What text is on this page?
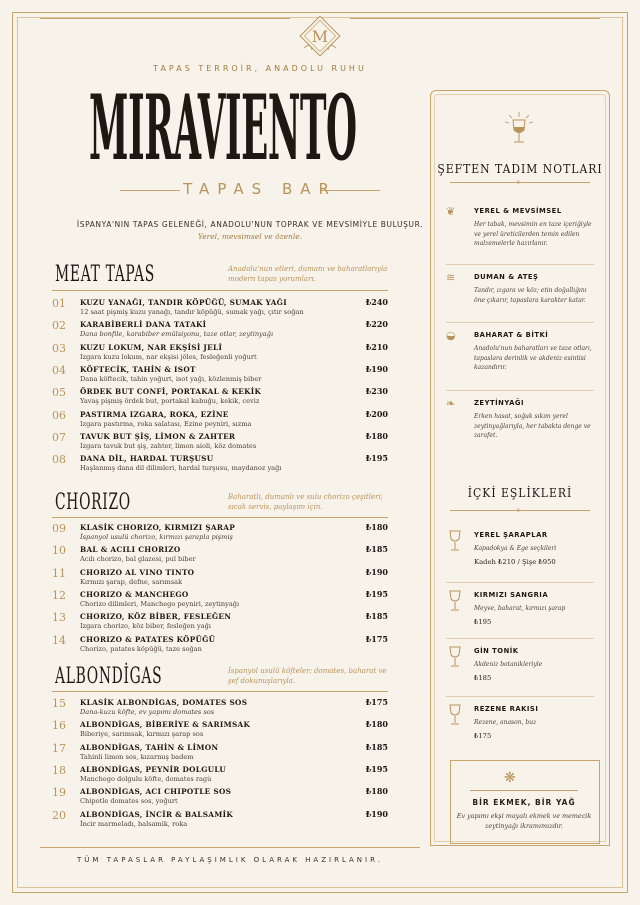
M
TAPAS TERROİR, ANADOLU RUHU
MIRAVIENTO
TAPAS BAR
İSPANYA'NIN TAPAS GELENEĞİ, ANADOLU'NUN TOPRAK VE MEVSİMİYLE BULUŞUR.
Yerel, mevsimsel ve özenle.
MEAT TAPAS	Anadolu'nun etleri, dumanı ve baharatlarıyla modern tapas yorumları.
01 KUZU YANAĞI, TANDIR KÖPÜĞÜ, SUMAK YAĞI
12 saat pişmiş kuzu yanağı, tandır köpüğü, sumak yağı, çıtır soğan
₺240
02 KARABİBERLİ DANA TATAKİ
Dana bonfile, karabiber emülsiyonu, taze otlar, zeytinyağı
₺220
03 KUZU LOKUM, NAR EKŞİSİ JELİ
Izgara kuzu lokum, nar ekşisi jöles, fesleğenli yoğurt
₺210
04 KÖFTECİK, TAHİN & ISOT
Dana köftecik, tahin yoğurt, isot yağı, közlenmiş biber
₺190
05 ÖRDEK BUT CONFİ, PORTAKAL & KEKİK
Yavaş pişmiş ördek but, portakal kabuğu, kekik, ceviz
₺230
06 PASTIRMA IZGARA, ROKA, EZİNE
Izgara pastırma, roka salatası, Ezine peyniri, sızma
₺200
07 TAVUK BUT ŞİŞ, LİMON & ZAHTER
Izgara tavuk but şiş, zahter, limon aioli, köz domates
₺180
08 DANA DİL, HARDAL TURŞUSU
Haşlanmış dana dil dilimleri, hardal turşusu, maydanoz yağı
₺195
CHORIZO	Baharatlı, dumanlı ve sulu chorizo çeşitleri; sıcak servis, paylaşım için.
09 KLASİK CHORIZO, KIRMIZI ŞARAP
İspanyol usulü chorizo, kırmızı şarapla pişmiş
₺180
10 BAL & ACILI CHORIZO
Acılı chorizo, bal glazesi, pul biber
₺185
11 CHORIZO AL VINO TINTO
Kırmızı şarap, defne, sarımsak
₺190
12 CHORIZO & MANCHEGO
Chorizo dilimleri, Manchego peyniri, zeytinyağı
₺195
13 CHORIZO, KÖZ BİBER, FESLEĞEN
Izgara chorizo, köz biber, fesleğen yağı
₺185
14 CHORIZO & PATATES KÖPÜĞÜ
Chorizo, patates köpüğü, taze soğan
₺175
ALBONDİGAS	İspanyol usulü köfteler; domates, baharat ve şef dokunuşlarıyla.
15 KLASİK ALBONDİGAS, DOMATES SOS
Dana-kuzu köfte, ev yapımı domates sos
₺175
16 ALBONDİGAS, BİBERİYE & SARIMSAK
Biberiye, sarımsak, kırmızı şarap sos
₺180
17 ALBONDİGAS, TAHİN & LİMON
Tahinli limon sos, kızarmış badem
₺185
18 ALBONDİGAS, PEYNİR DOLGULU
Manchego dolgulu köfte, domates ragù
₺195
19 ALBONDİGAS, ACI CHIPOTLE SOS
Chipotle domates sos, yoğurt
₺180
20 ALBONDİGAS, İNCİR & BALSAMİK
İncir marmeladı, balsamik, roka
₺190
TÜM TAPASLAR PAYLAŞIMLIK OLARAK HAZIRLANIR.
ŞEFTEN TADIM NOTLARI
✧
❦	YEREL & MEVSİMSEL
Her tabak, mevsimin en taze içeriğiyle ve yerel üreticilerden temin edilen malzemelerle hazırlanır.
≋	DUMAN & ATEŞ
Tandır, ızgara ve köz; etin doğallığını öne çıkarır, tapaslara karakter katar.
◒	BAHARAT & BİTKİ
Anadolu'nun baharatları ve taze otları, tapaslara derinlik ve akdeniz esintisi kazandırır.
❧	ZEYTİNYAĞI
Erken hasat, soğuk sıkım yerel zeytinyağlarıyla, her tabakta denge ve zarafet.
İÇKİ EŞLİKLERİ
✧
YEREL ŞARAPLAR
Kapadokya & Ege seçkileri
Kadeh ₺210 / Şişe ₺950
KIRMIZI SANGRIA
Meyve, baharat, kırmızı şarap
₺195
GİN TONİK
Akdeniz botanikleriyle
₺185
REZENE RAKISI
Rezene, anason, buz
₺175
❋
BİR EKMEK, BİR YAĞ
Ev yapımı ekşi mayalı ekmek ve memecik zeytinyağı ikramımızdır.
